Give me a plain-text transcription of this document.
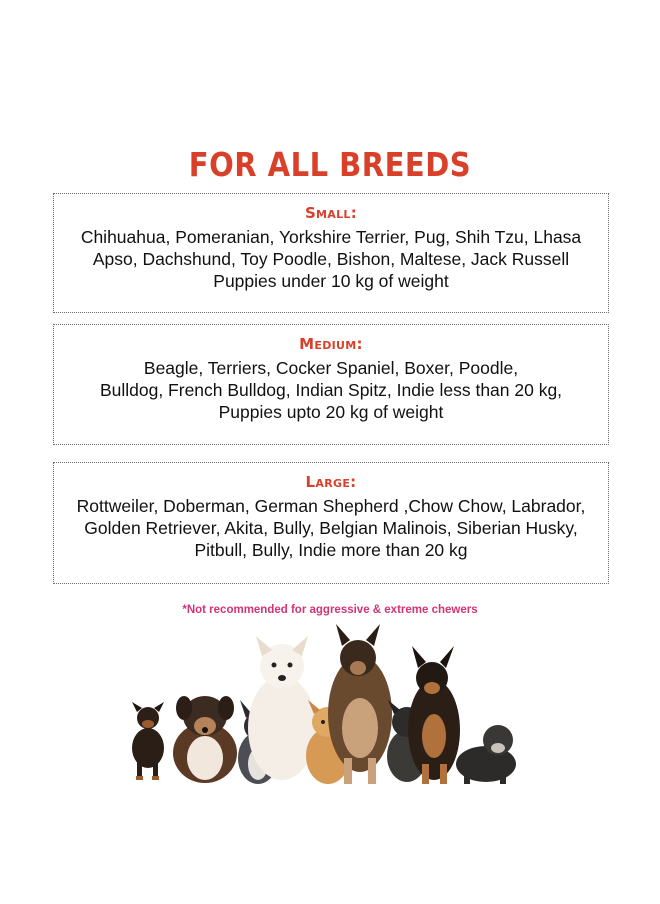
FOR ALL BREEDS
Small:

Chihuahua, Pomeranian, Yorkshire Terrier, Pug, Shih Tzu, Lhasa
Apso, Dachshund, Toy Poodle, Bishon, Maltese, Jack Russell
Puppies under 10 kg of weight

Medium:

Beagle, Terriers, Cocker Spaniel, Boxer, Poodle,
Bulldog, French Bulldog, Indian Spitz, Indie less than 20 kg,
Puppies upto 20 kg of weight

Large:

Rottweiler, Doberman, German Shepherd ,Chow Chow, Labrador,
Golden Retriever, Akita, Bully, Belgian Malinois, Siberian Husky,
Pitbull, Bully, Indie more than 20 kg

*Not recommended for aggressive & extreme chewers
